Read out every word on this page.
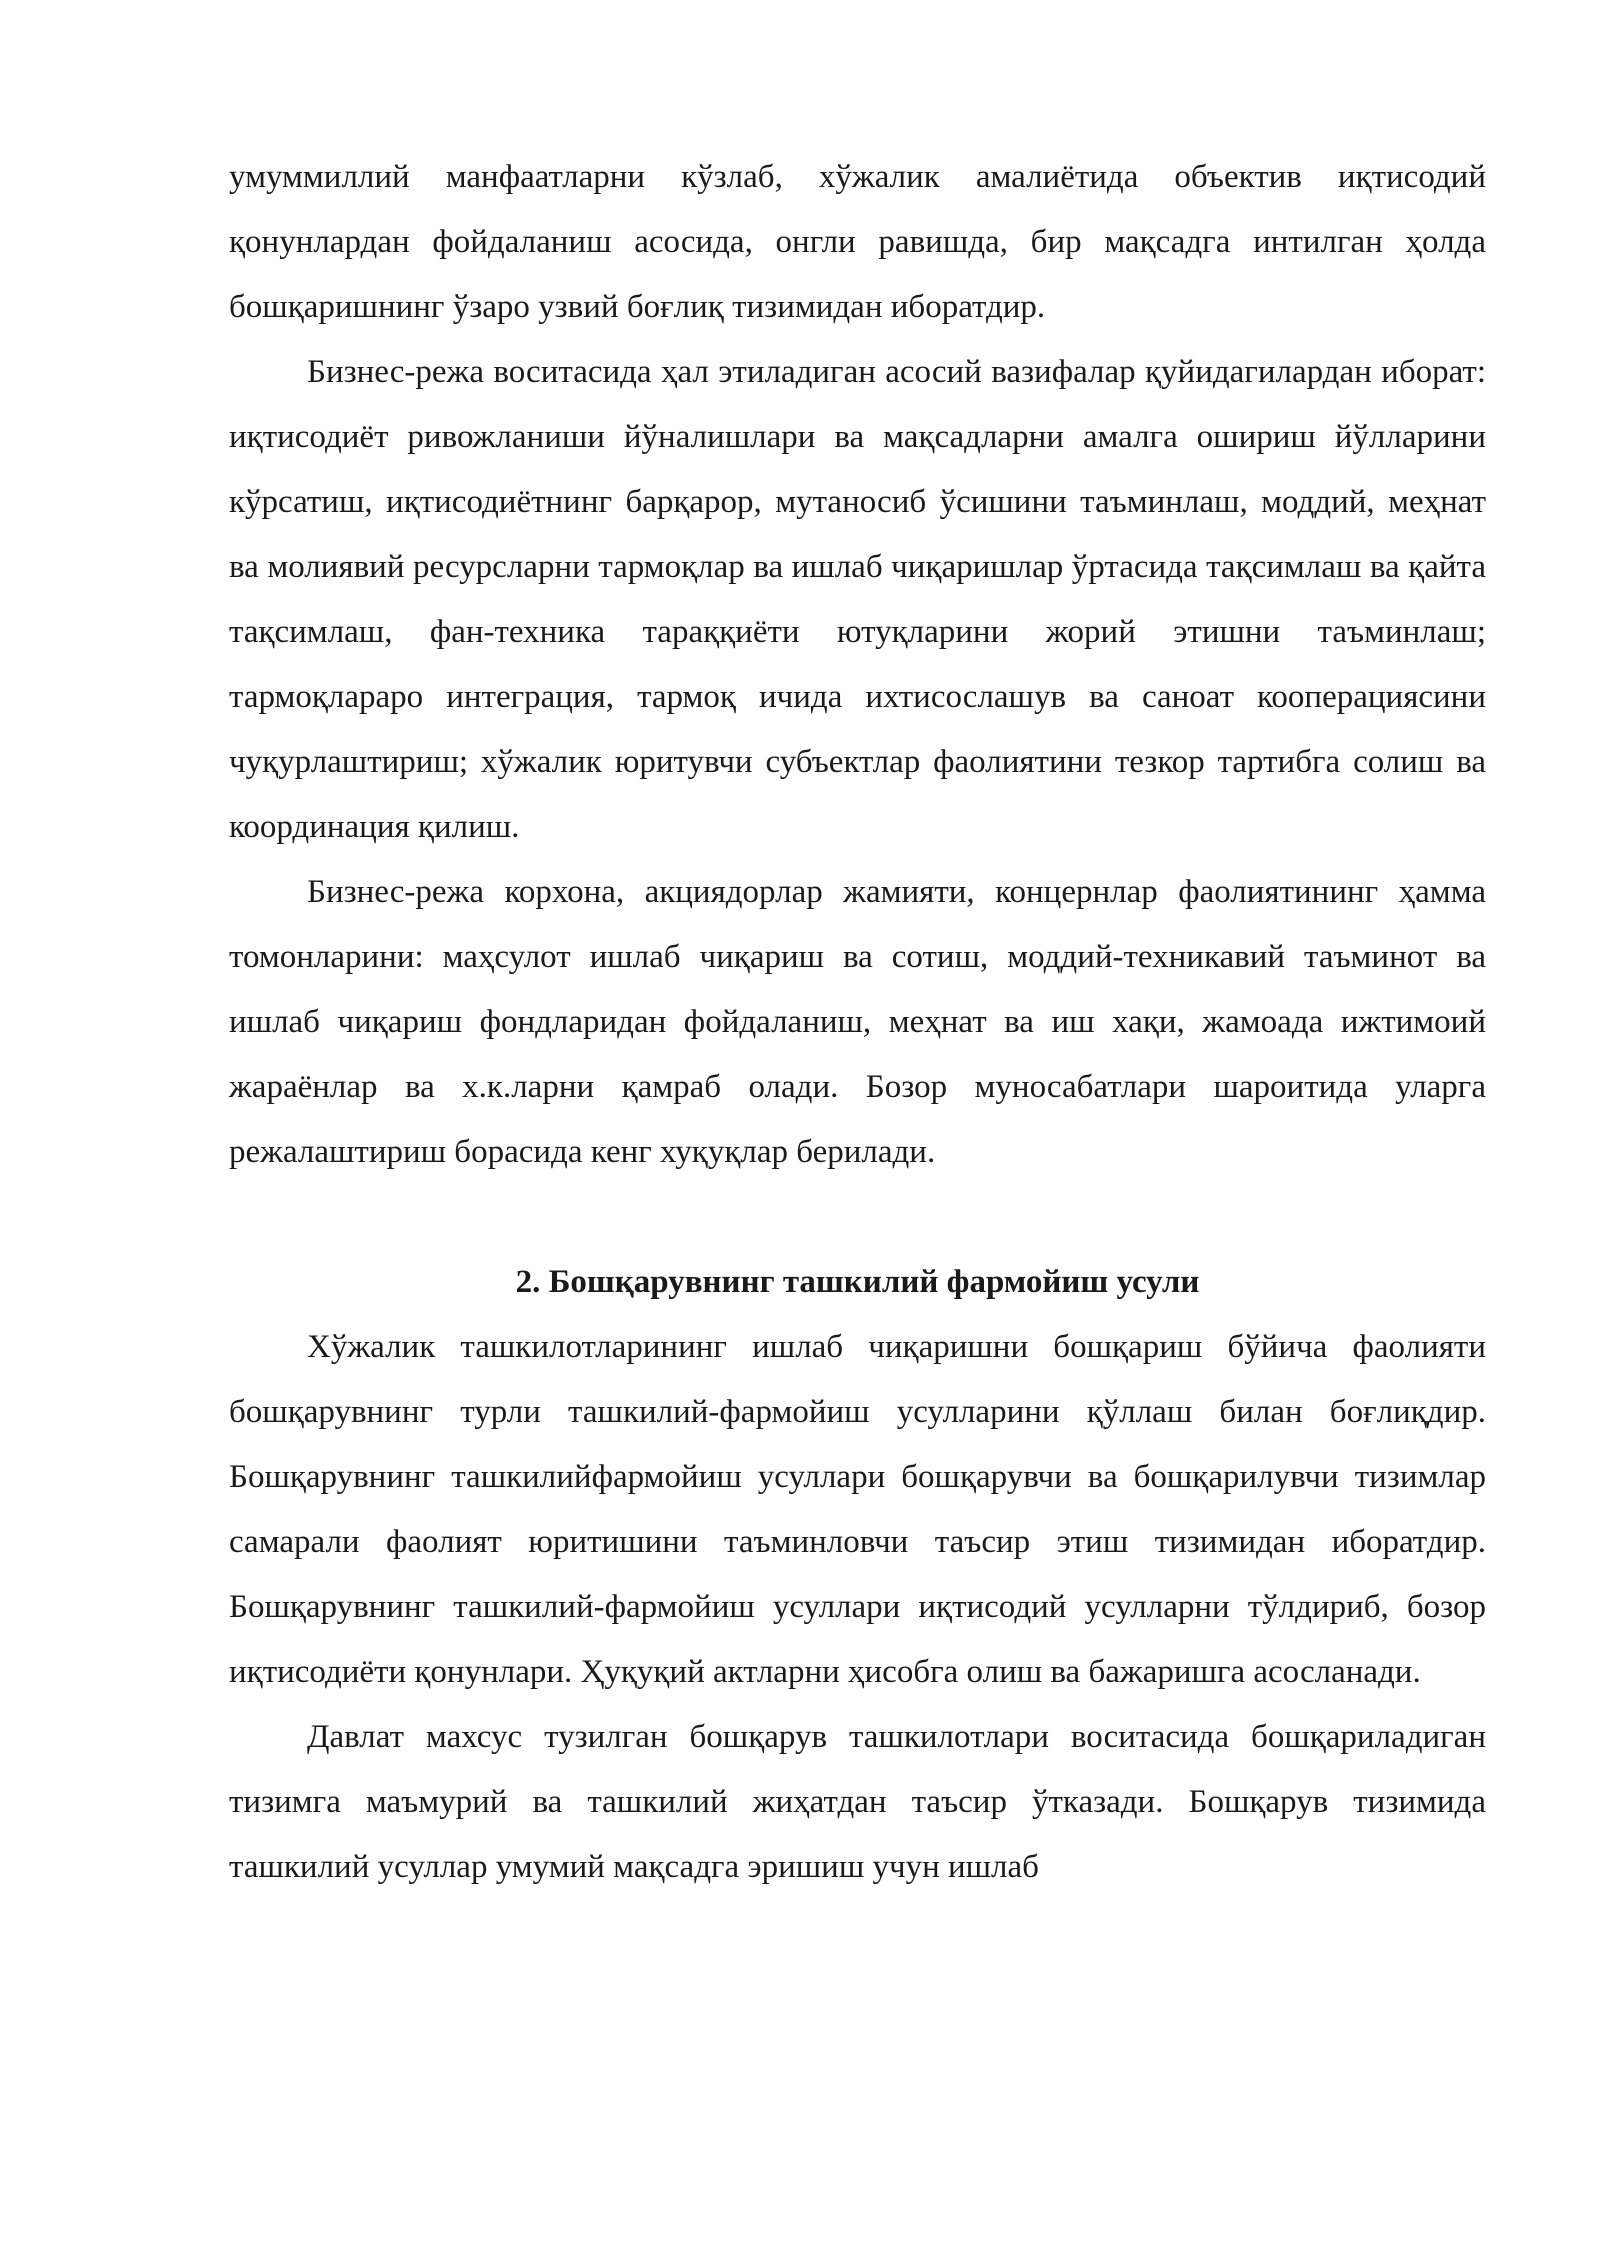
умуммиллий манфаатларни кўзлаб, хўжалик амалиётида объектив иқтисодий қонунлардан фойдаланиш асосида, онгли равишда, бир мақсадга интилган ҳолда бошқаришнинг ўзаро узвий боғлиқ тизимидан иборатдир.

Бизнес-режа воситасида ҳал этиладиган асосий вазифалар қуйидагилардан иборат: иқтисодиёт ривожланиши йўналишлари ва мақсадларни амалга ошириш йўлларини кўрсатиш, иқтисодиётнинг барқарор, мутаносиб ўсишини таъминлаш, моддий, меҳнат ва молиявий ресурсларни тармоқлар ва ишлаб чиқаришлар ўртасида тақсимлаш ва қайта тақсимлаш, фан-техника тараққиёти ютуқларини жорий этишни таъминлаш; тармоқлараро интеграция, тармоқ ичида ихтисослашув ва саноат кооперациясини чуқурлаштириш; хўжалик юритувчи субъектлар фаолиятини тезкор тартибга солиш ва координация қилиш.

Бизнес-режа корхона, акциядорлар жамияти, концернлар фаолиятининг ҳамма томонларини: маҳсулот ишлаб чиқариш ва сотиш, моддий-техникавий таъминот ва ишлаб чиқариш фондларидан фойдаланиш, меҳнат ва иш хақи, жамоада ижтимоий жараёнлар ва х.к.ларни қамраб олади. Бозор муносабатлари шароитида уларга режалаштириш борасида кенг хуқуқлар берилади.

2. Бошқарувнинг ташкилий фармойиш усули

Хўжалик ташкилотларининг ишлаб чиқаришни бошқариш бўйича фаолияти бошқарувнинг турли ташкилий-фармойиш усулларини қўллаш билан боғлиқдир. Бошқарувнинг ташкилийфармойиш усуллари бошқарувчи ва бошқарилувчи тизимлар самарали фаолият юритишини таъминловчи таъсир этиш тизимидан иборатдир. Бошқарувнинг ташкилий-фармойиш усуллари иқтисодий усулларни тўлдириб, бозор иқтисодиёти қонунлари. Ҳуқуқий актларни ҳисобга олиш ва бажаришга асосланади.

Давлат махсус тузилган бошқарув ташкилотлари воситасида бошқариладиган тизимга маъмурий ва ташкилий жиҳатдан таъсир ўтказади. Бошқарув тизимида ташкилий усуллар умумий мақсадга эришиш учун ишлаб
